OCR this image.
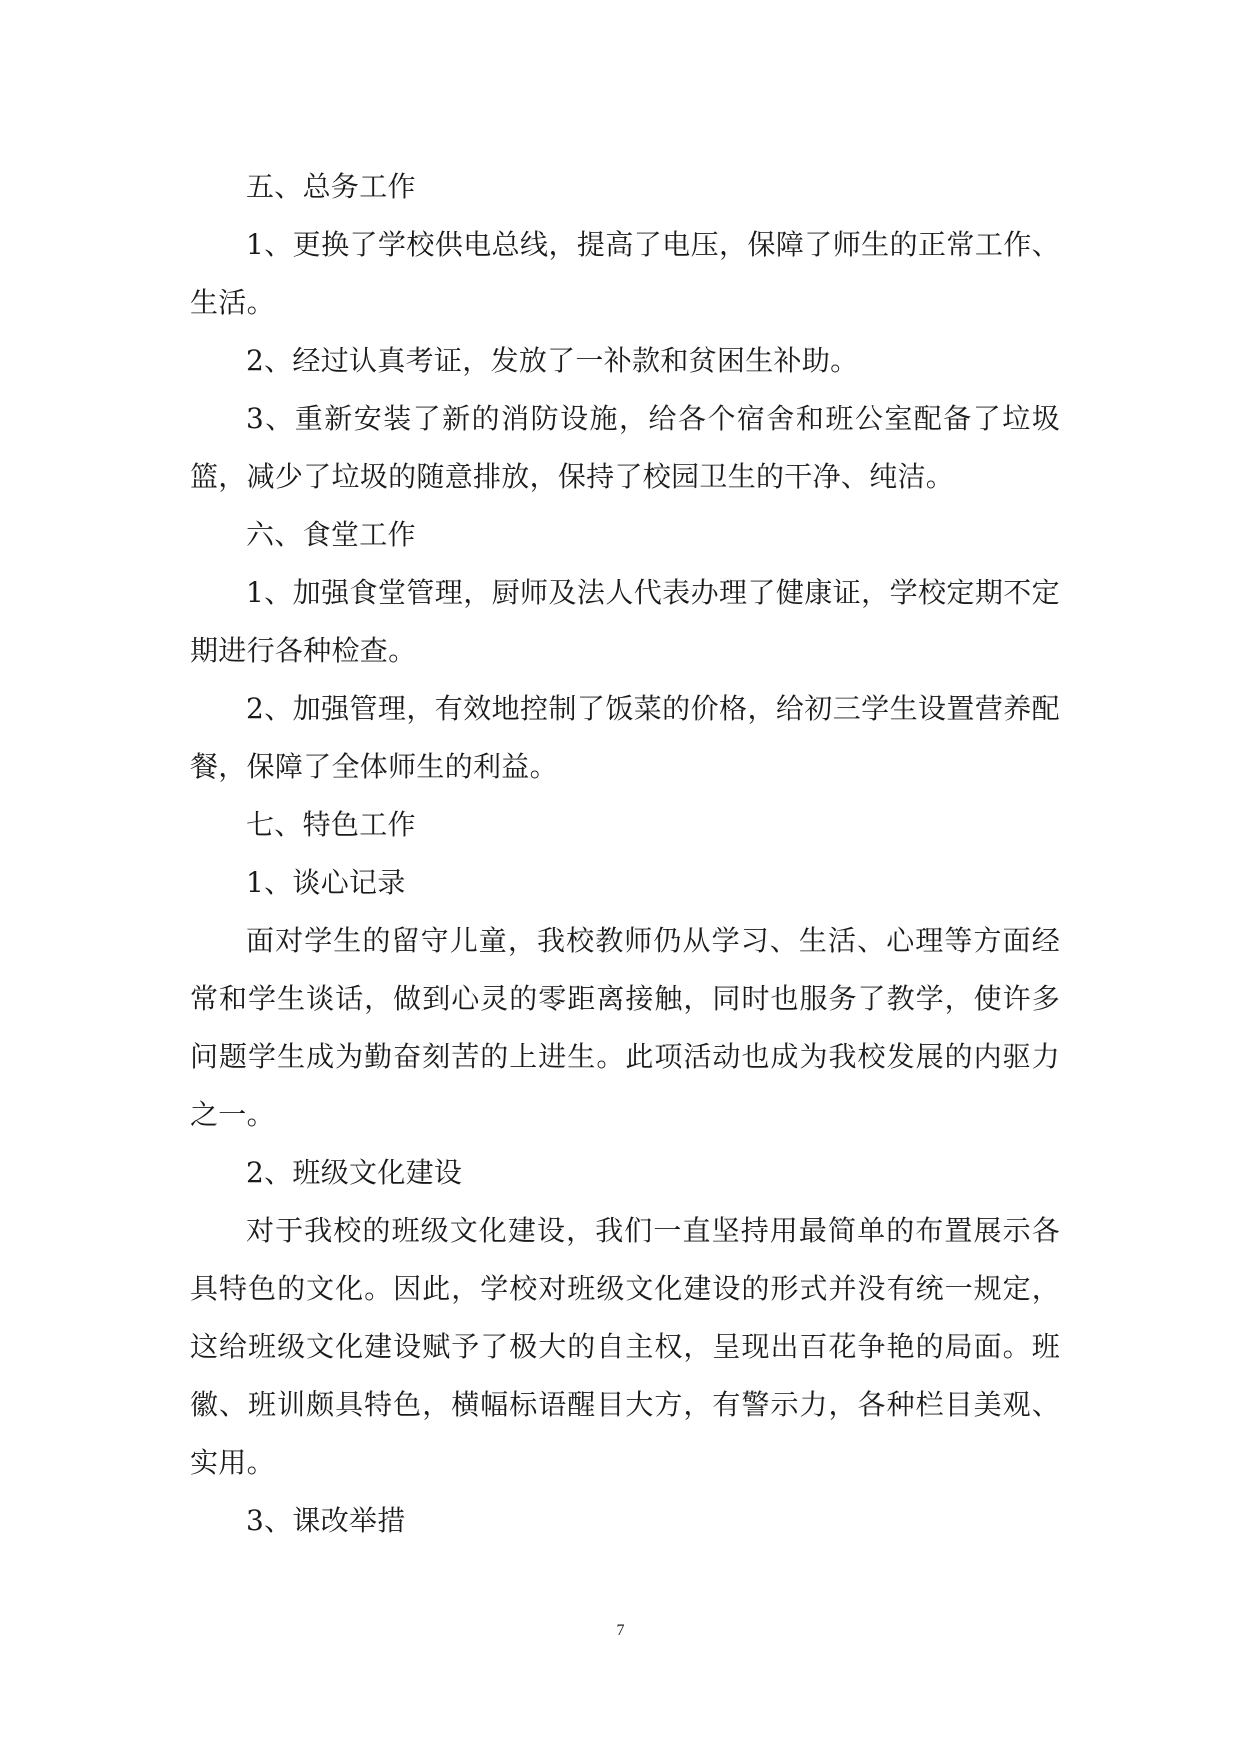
五、总务工作

1、更换了学校供电总线，提高了电压，保障了师生的正常工作、生活。

2、经过认真考证，发放了一补款和贫困生补助。

3、重新安装了新的消防设施，给各个宿舍和班公室配备了垃圾篮，减少了垃圾的随意排放，保持了校园卫生的干净、纯洁。

六、食堂工作

1、加强食堂管理，厨师及法人代表办理了健康证，学校定期不定期进行各种检查。

2、加强管理，有效地控制了饭菜的价格，给初三学生设置营养配餐，保障了全体师生的利益。

七、特色工作

1、谈心记录

面对学生的留守儿童，我校教师仍从学习、生活、心理等方面经常和学生谈话，做到心灵的零距离接触，同时也服务了教学，使许多问题学生成为勤奋刻苦的上进生。此项活动也成为我校发展的内驱力之一。

2、班级文化建设

对于我校的班级文化建设，我们一直坚持用最简单的布置展示各具特色的文化。因此，学校对班级文化建设的形式并没有统一规定，这给班级文化建设赋予了极大的自主权，呈现出百花争艳的局面。班徽、班训颇具特色，横幅标语醒目大方，有警示力，各种栏目美观、实用。

3、课改举措

7
